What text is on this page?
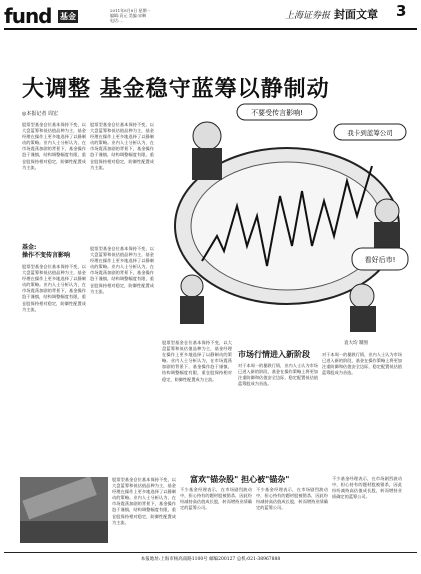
fund 基金
2011年8月8日 星期一
编辑:袁元 美编:宋琳
电话:...	上海证券报 封面文章 3
大调整 基金稳守蓝筹以静制动
◎本报记者 周宏
股票型基金仓位基本保持不变，以大盘蓝筹和低估值品种为主，基金经理在操作上更多地选择了以静制动的策略。业内人士分析认为，在市场震荡加剧的背景下，基金操作趋于谨慎，结构调整幅度有限，重仓股保持相对稳定，防御性配置成为主流。
股票型基金仓位基本保持不变，以大盘蓝筹和低估值品种为主，基金经理在操作上更多地选择了以静制动的策略。业内人士分析认为，在市场震荡加剧的背景下，基金操作趋于谨慎，结构调整幅度有限，重仓股保持相对稳定，防御性配置成为主流。
基金:
操作不变传言影响
股票型基金仓位基本保持不变，以大盘蓝筹和低估值品种为主，基金经理在操作上更多地选择了以静制动的策略。业内人士分析认为，在市场震荡加剧的背景下，基金操作趋于谨慎，结构调整幅度有限，重仓股保持相对稳定，防御性配置成为主流。
股票型基金仓位基本保持不变，以大盘蓝筹和低估值品种为主，基金经理在操作上更多地选择了以静制动的策略。业内人士分析认为，在市场震荡加剧的背景下，基金操作趋于谨慎，结构调整幅度有限，重仓股保持相对稳定，防御性配置成为主流。
不要受传言影响!
我卡到蓝筹公司
看好后市!
袁大均 制图
股票型基金仓位基本保持不变，以大盘蓝筹和低估值品种为主，基金经理在操作上更多地选择了以静制动的策略。业内人士分析认为，在市场震荡加剧的背景下，基金操作趋于谨慎，结构调整幅度有限，重仓股保持相对稳定，防御性配置成为主流。
市场行情进入新阶段
对于本周一的暴跌行情，业内人士认为市场已进入新的阶段，基金在操作策略上将更加注重防御和估值安全边际，稳定配置低估值蓝筹股成为首选。
对于本周一的暴跌行情，业内人士认为市场已进入新的阶段，基金在操作策略上将更加注重防御和估值安全边际，稳定配置低估值蓝筹股成为首选。
股票型基金仓位基本保持不变，以大盘蓝筹和低估值品种为主，基金经理在操作上更多地选择了以静制动的策略。业内人士分析认为，在市场震荡加剧的背景下，基金操作趋于谨慎，结构调整幅度有限，重仓股保持相对稳定，防御性配置成为主流。
富欢"锚杂股" 担心被"锚杂"
不少基金经理表示，在市场剧烈波动中，担心持有的题材股被错杀，因此纷纷减持高估值成长股，转而增持业绩确定的蓝筹公司。
不少基金经理表示，在市场剧烈波动中，担心持有的题材股被错杀，因此纷纷减持高估值成长股，转而增持业绩确定的蓝筹公司。
不少基金经理表示，在市场剧烈波动中，担心持有的题材股被错杀，因此纷纷减持高估值成长股，转而增持业绩确定的蓝筹公司。
本报地址:上海市杨高南路1100号 邮编200127 总机:021-38967888
